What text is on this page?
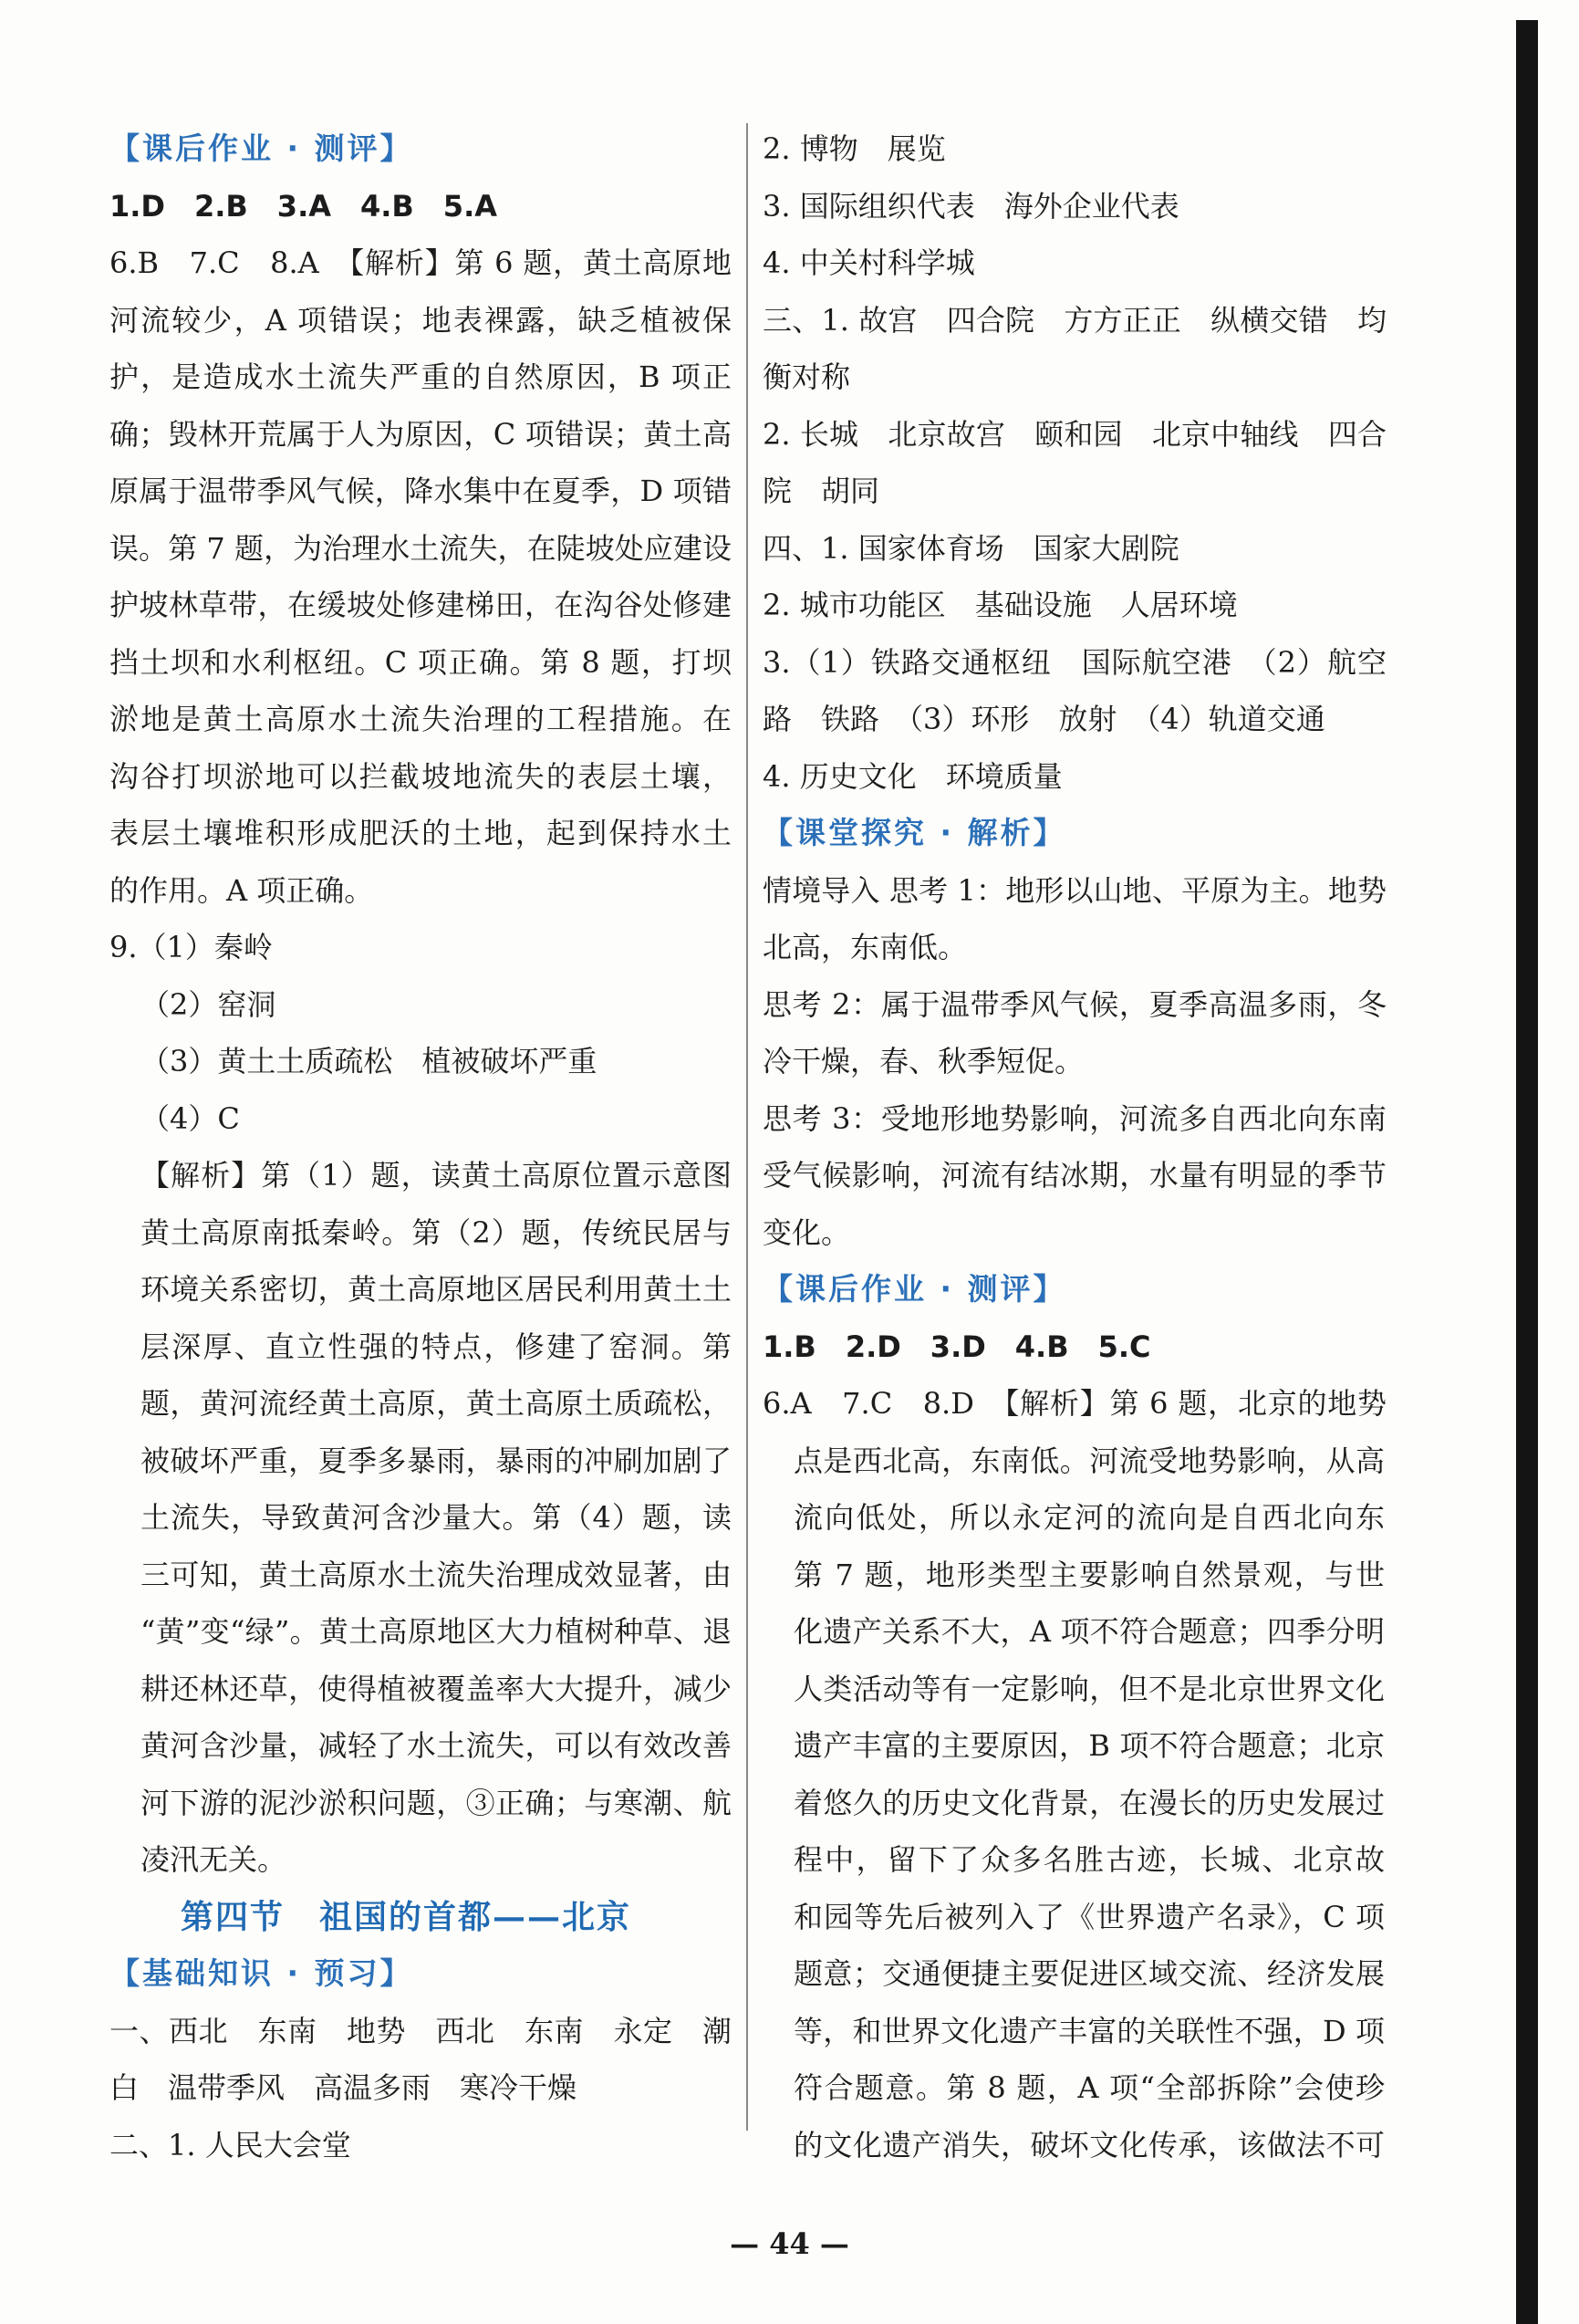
【课后作业 · 测评】
1.D　2.B　3.A　4.B　5.A
6.B　7.C　8.A　【解析】第 6 题，黄土高原地
河流较少，A 项错误；地表裸露，缺乏植被保
护，是造成水土流失严重的自然原因，B 项正
确；毁林开荒属于人为原因，C 项错误；黄土高
原属于温带季风气候，降水集中在夏季，D 项错
误。第 7 题，为治理水土流失，在陡坡处应建设
护坡林草带，在缓坡处修建梯田，在沟谷处修建
挡土坝和水利枢纽。C 项正确。第 8 题，打坝
淤地是黄土高原水土流失治理的工程措施。在
沟谷打坝淤地可以拦截坡地流失的表层土壤，
表层土壤堆积形成肥沃的土地，起到保持水土
的作用。A 项正确。
9.（1）秦岭
（2）窑洞
（3）黄土土质疏松　植被破坏严重
（4）C
【解析】第（1）题，读黄土高原位置示意图
黄土高原南抵秦岭。第（2）题，传统民居与
环境关系密切，黄土高原地区居民利用黄土土
层深厚、直立性强的特点，修建了窑洞。第
题，黄河流经黄土高原，黄土高原土质疏松，
被破坏严重，夏季多暴雨，暴雨的冲刷加剧了
土流失，导致黄河含沙量大。第（4）题，读
三可知，黄土高原水土流失治理成效显著，由
“黄”变“绿”。黄土高原地区大力植树种草、退
耕还林还草，使得植被覆盖率大大提升，减少
黄河含沙量，减轻了水土流失，可以有效改善
河下游的泥沙淤积问题，③正确；与寒潮、航
凌汛无关。
第四节　祖国的首都——北京
【基础知识 · 预习】
一、西北　东南　地势　西北　东南　永定　潮
白　温带季风　高温多雨　寒冷干燥
二、1. 人民大会堂
2. 博物　展览
3. 国际组织代表　海外企业代表
4. 中关村科学城
三、1. 故宫　四合院　方方正正　纵横交错　均
衡对称
2. 长城　北京故宫　颐和园　北京中轴线　四合
院　胡同
四、1. 国家体育场　国家大剧院
2. 城市功能区　基础设施　人居环境
3.（1）铁路交通枢纽　国际航空港　（2）航空　
路　铁路　（3）环形　放射　（4）轨道交通
4. 历史文化　环境质量
【课堂探究 · 解析】
情境导入 思考 1：地形以山地、平原为主。地势
北高，东南低。
思考 2：属于温带季风气候，夏季高温多雨，冬
冷干燥，春、秋季短促。
思考 3：受地形地势影响，河流多自西北向东南
受气候影响，河流有结冰期，水量有明显的季节
变化。
【课后作业 · 测评】
1.B　2.D　3.D　4.B　5.C
6.A　7.C　8.D　【解析】第 6 题，北京的地势
点是西北高，东南低。河流受地势影响，从高
流向低处，所以永定河的流向是自西北向东
第 7 题，地形类型主要影响自然景观，与世
化遗产关系不大，A 项不符合题意；四季分明
人类活动等有一定影响，但不是北京世界文化
遗产丰富的主要原因，B 项不符合题意；北京
着悠久的历史文化背景，在漫长的历史发展过
程中，留下了众多名胜古迹，长城、北京故
和园等先后被列入了《世界遗产名录》，C 项
题意；交通便捷主要促进区域交流、经济发展
等，和世界文化遗产丰富的关联性不强，D 项
符合题意。第 8 题，A 项“全部拆除”会使珍
的文化遗产消失，破坏文化传承，该做法不可
— 44 —
